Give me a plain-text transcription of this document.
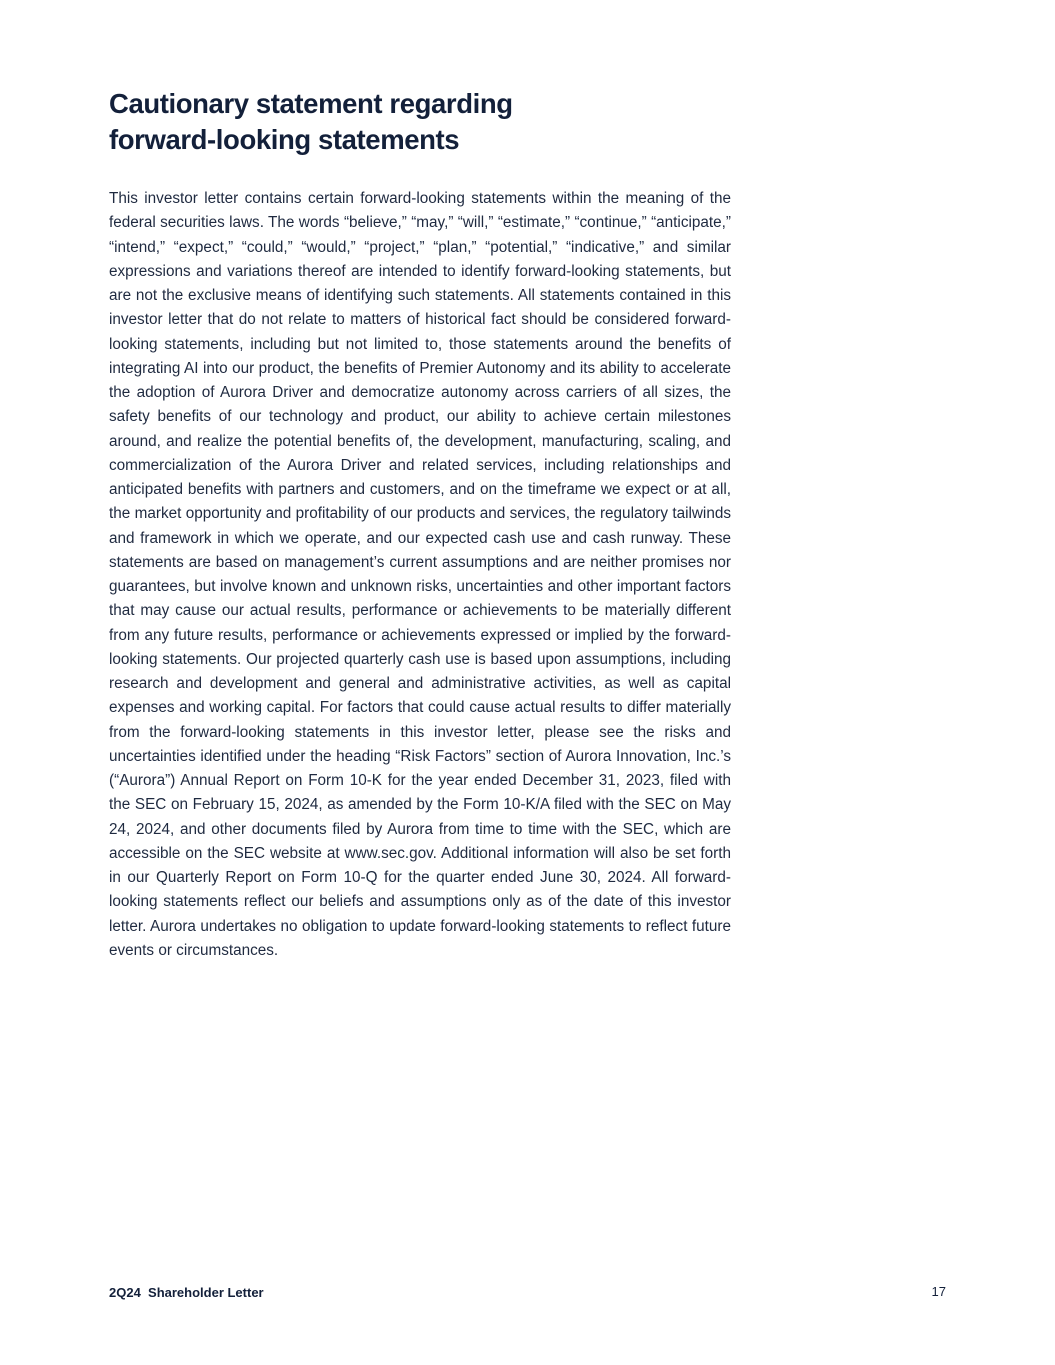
Cautionary statement regarding
forward-looking statements

This investor letter contains certain forward-looking statements within the meaning of the federal securities laws. The words “believe,” “may,” “will,” “estimate,” “continue,” “anticipate,” “intend,” “expect,” “could,” “would,” “project,” “plan,” “potential,” “indicative,” and similar expressions and variations thereof are intended to identify forward-looking statements, but are not the exclusive means of identifying such statements. All statements contained in this investor letter that do not relate to matters of historical fact should be considered forward-looking statements, including but not limited to, those statements around the benefits of integrating AI into our product, the benefits of Premier Autonomy and its ability to accelerate the adoption of Aurora Driver and democratize autonomy across carriers of all sizes, the safety benefits of our technology and product, our ability to achieve certain milestones around, and realize the potential benefits of, the development, manufacturing, scaling, and commercialization of the Aurora Driver and related services, including relationships and anticipated benefits with partners and customers, and on the timeframe we expect or at all, the market opportunity and profitability of our products and services, the regulatory tailwinds and framework in which we operate, and our expected cash use and cash runway. These statements are based on management’s current assumptions and are neither promises nor guarantees, but involve known and unknown risks, uncertainties and other important factors that may cause our actual results, performance or achievements to be materially different from any future results, performance or achievements expressed or implied by the forward-looking statements. Our projected quarterly cash use is based upon assumptions, including research and development and general and administrative activities, as well as capital expenses and working capital. For factors that could cause actual results to differ materially from the forward-looking statements in this investor letter, please see the risks and uncertainties identified under the heading “Risk Factors” section of Aurora Innovation, Inc.’s (“Aurora”) Annual Report on Form 10-K for the year ended December 31, 2023, filed with the SEC on February 15, 2024, as amended by the Form 10-K/A filed with the SEC on May 24, 2024, and other documents filed by Aurora from time to time with the SEC, which are accessible on the SEC website at www.sec.gov. Additional information will also be set forth in our Quarterly Report on Form 10-Q for the quarter ended June 30, 2024. All forward-looking statements reflect our beliefs and assumptions only as of the date of this investor letter. Aurora undertakes no obligation to update forward-looking statements to reflect future events or circumstances.

2Q24  Shareholder Letter	17
